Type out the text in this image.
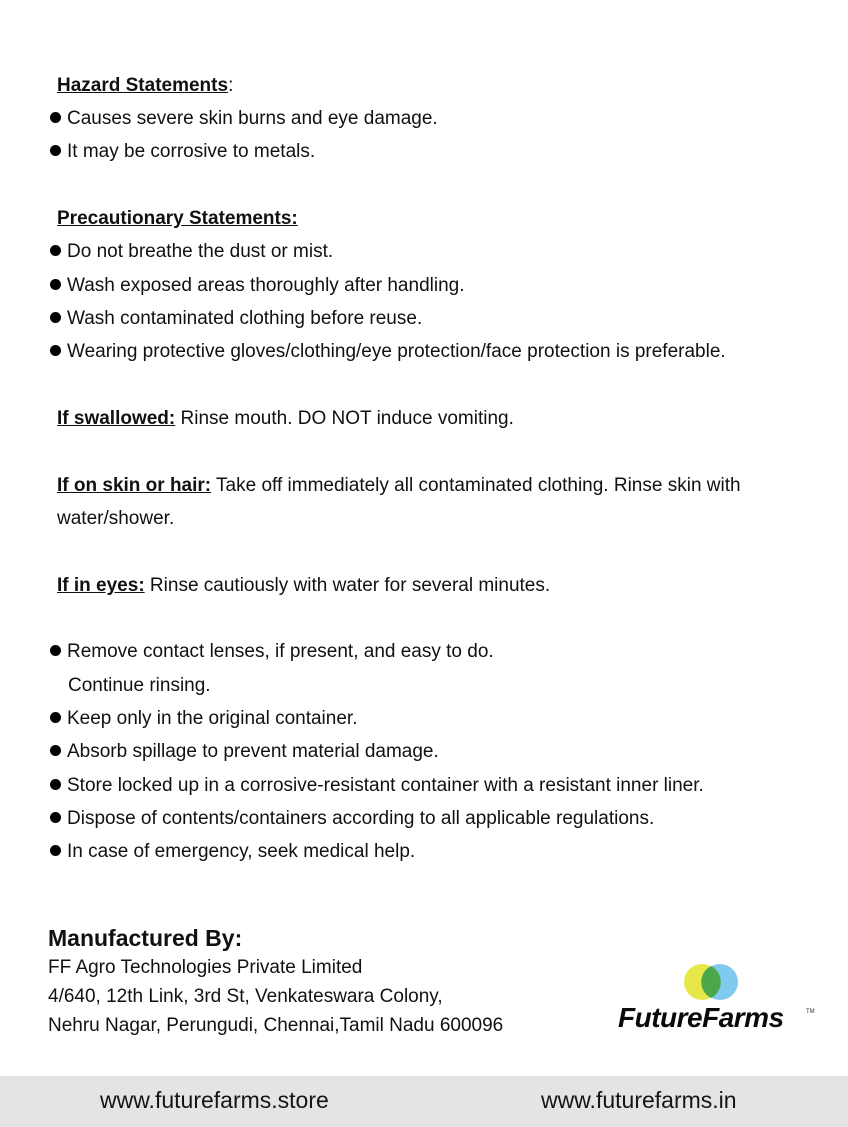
Hazard Statements:
Causes severe skin burns and eye damage.
It may be corrosive to metals.
Precautionary Statements:
Do not breathe the dust or mist.
Wash exposed areas thoroughly after handling.
Wash contaminated clothing before reuse.
Wearing protective gloves/clothing/eye protection/face protection is preferable.
If swallowed: Rinse mouth. DO NOT induce vomiting.
If on skin or hair: Take off immediately all contaminated clothing. Rinse skin with
water/shower.
If in eyes: Rinse cautiously with water for several minutes.
Remove contact lenses, if present, and easy to do.
Continue rinsing.
Keep only in the original container.
Absorb spillage to prevent material damage.
Store locked up in a corrosive-resistant container with a resistant inner liner.
Dispose of contents/containers according to all applicable regulations.
In case of emergency, seek medical help.
Manufactured By:
FF Agro Technologies Private Limited
4/640, 12th Link, 3rd St, Venkateswara Colony,
Nehru Nagar, Perungudi, Chennai,Tamil Nadu 600096	FutureFarms	TM
www.futurefarms.store	www.futurefarms.in
